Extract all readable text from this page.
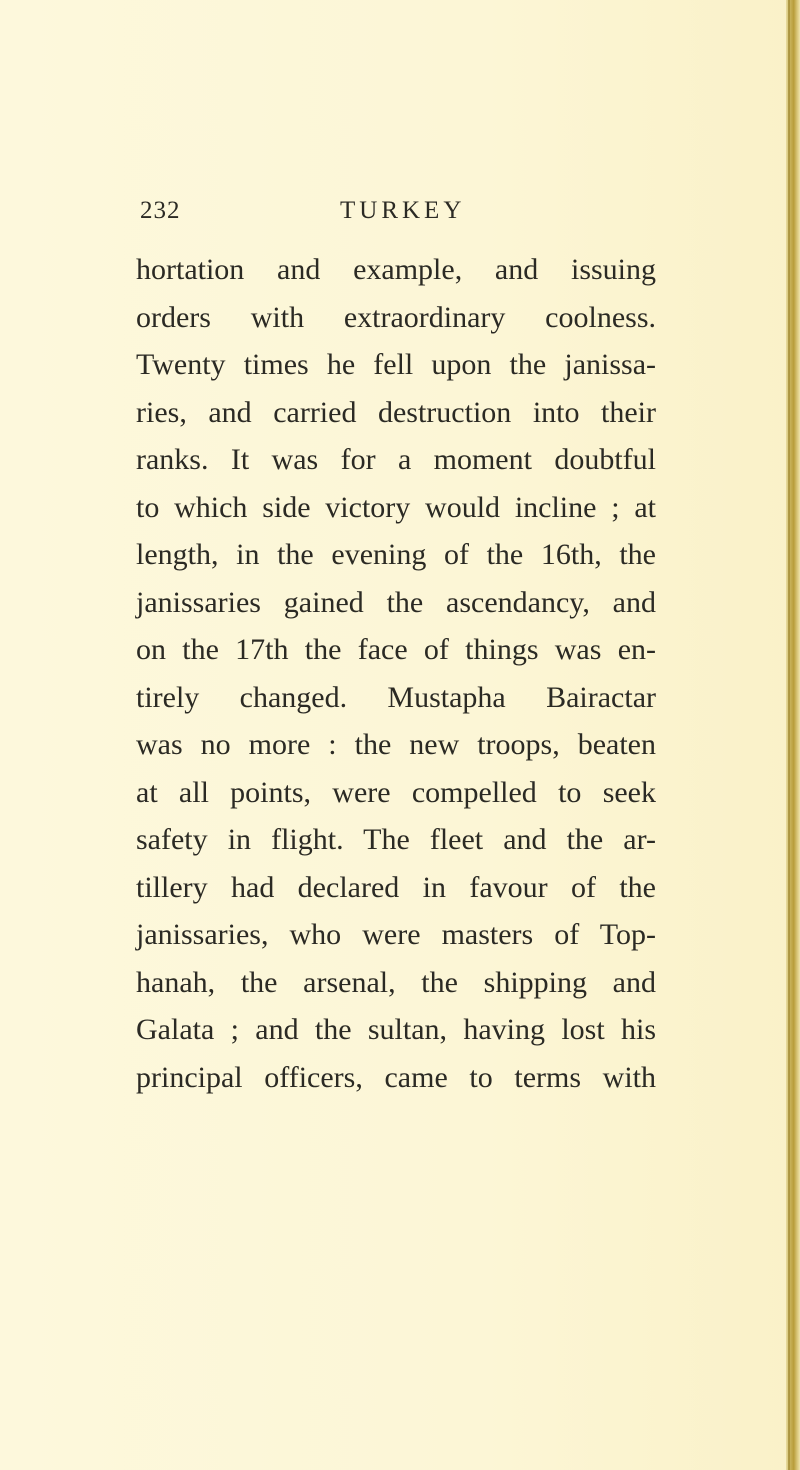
232	TURKEY
hortation and example, and issuing
orders with extraordinary coolness.
Twenty times he fell upon the janissa-
ries, and carried destruction into their
ranks. It was for a moment doubtful
to which side victory would incline ; at
length, in the evening of the 16th, the
janissaries gained the ascendancy, and
on the 17th the face of things was en-
tirely changed. Mustapha Bairactar
was no more : the new troops, beaten
at all points, were compelled to seek
safety in flight. The fleet and the ar-
tillery had declared in favour of the
janissaries, who were masters of Top-
hanah, the arsenal, the shipping and
Galata ; and the sultan, having lost his
principal officers, came to terms with
